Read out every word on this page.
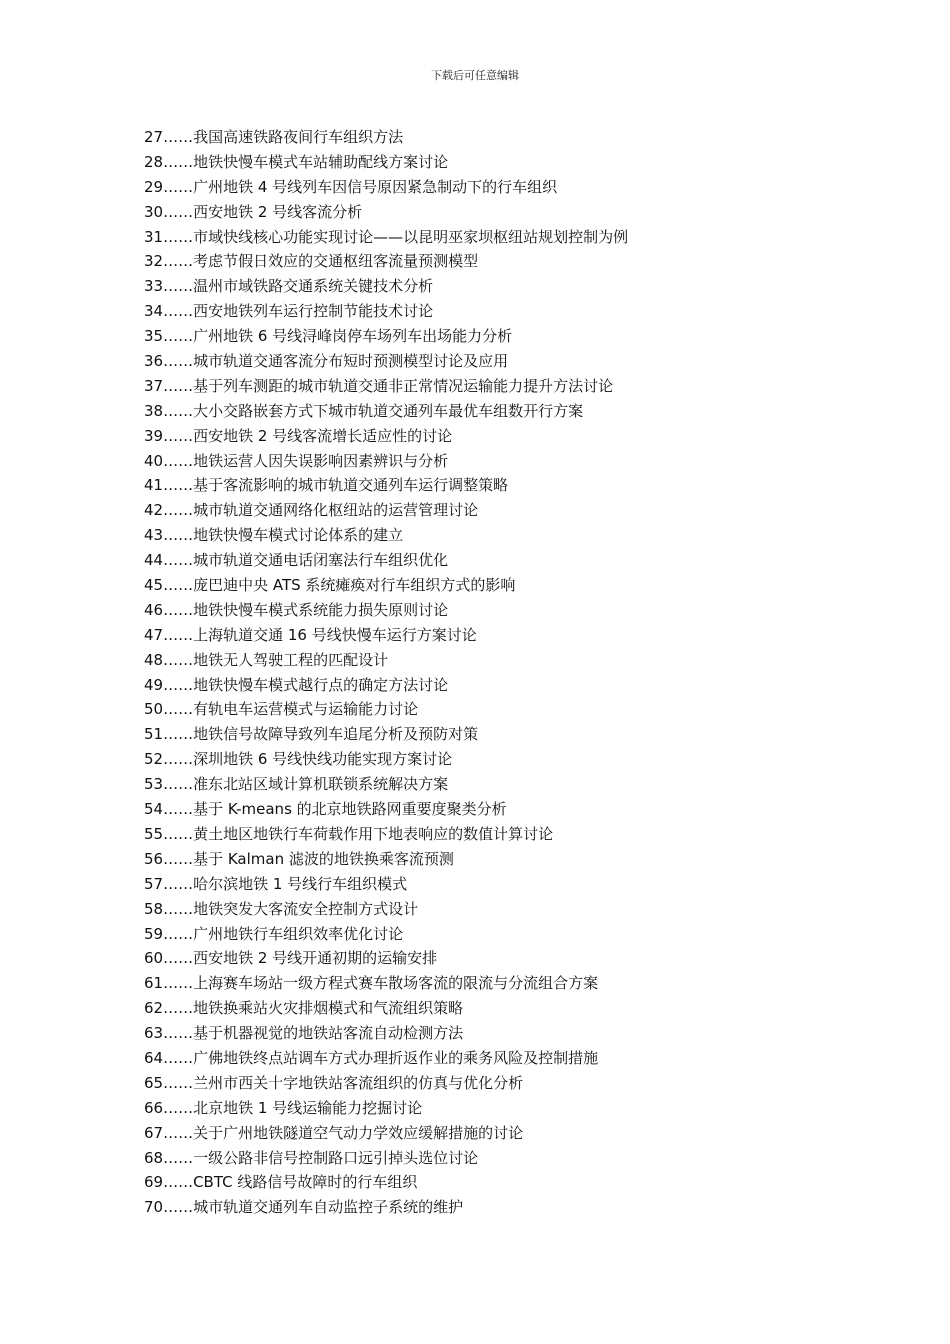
下载后可任意编辑
27……我国高速铁路夜间行车组织方法
28……地铁快慢车模式车站辅助配线方案讨论
29……广州地铁 4 号线列车因信号原因紧急制动下的行车组织
30……西安地铁 2 号线客流分析
31……市域快线核心功能实现讨论——以昆明巫家坝枢纽站规划控制为例
32……考虑节假日效应的交通枢纽客流量预测模型
33……温州市域铁路交通系统关键技术分析
34……西安地铁列车运行控制节能技术讨论
35……广州地铁 6 号线浔峰岗停车场列车出场能力分析
36……城市轨道交通客流分布短时预测模型讨论及应用
37……基于列车测距的城市轨道交通非正常情况运输能力提升方法讨论
38……大小交路嵌套方式下城市轨道交通列车最优车组数开行方案
39……西安地铁 2 号线客流增长适应性的讨论
40……地铁运营人因失误影响因素辨识与分析
41……基于客流影响的城市轨道交通列车运行调整策略
42……城市轨道交通网络化枢纽站的运营管理讨论
43……地铁快慢车模式讨论体系的建立
44……城市轨道交通电话闭塞法行车组织优化
45……庞巴迪中央 ATS 系统瘫痪对行车组织方式的影响
46……地铁快慢车模式系统能力损失原则讨论
47……上海轨道交通 16 号线快慢车运行方案讨论
48……地铁无人驾驶工程的匹配设计
49……地铁快慢车模式越行点的确定方法讨论
50……有轨电车运营模式与运输能力讨论
51……地铁信号故障导致列车追尾分析及预防对策
52……深圳地铁 6 号线快线功能实现方案讨论
53……准东北站区域计算机联锁系统解决方案
54……基于 K-means 的北京地铁路网重要度聚类分析
55……黄土地区地铁行车荷载作用下地表响应的数值计算讨论
56……基于 Kalman 滤波的地铁换乘客流预测
57……哈尔滨地铁 1 号线行车组织模式
58……地铁突发大客流安全控制方式设计
59……广州地铁行车组织效率优化讨论
60……西安地铁 2 号线开通初期的运输安排
61……上海赛车场站一级方程式赛车散场客流的限流与分流组合方案
62……地铁换乘站火灾排烟模式和气流组织策略
63……基于机器视觉的地铁站客流自动检测方法
64……广佛地铁终点站调车方式办理折返作业的乘务风险及控制措施
65……兰州市西关十字地铁站客流组织的仿真与优化分析
66……北京地铁 1 号线运输能力挖掘讨论
67……关于广州地铁隧道空气动力学效应缓解措施的讨论
68……一级公路非信号控制路口远引掉头选位讨论
69……CBTC 线路信号故障时的行车组织
70……城市轨道交通列车自动监控子系统的维护
